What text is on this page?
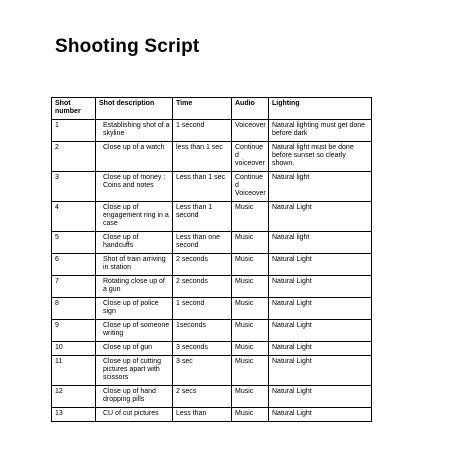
Shooting Script
Shot number	Shot description	Time	Audio	Lighting
1	Establishing shot of a skyline	1 second	Voiceover	Natural lighting must get done before dark
2	Close up of a watch	less than 1 sec	Continued voiceover	Natural light must be done before sunset so clearly shown.
3	Close up of money : Coins and notes	Less than 1 sec	Continued Voiceover	Natural light
4	Close up of engagement ring in a case	Less than 1 second	Music	Natural Light
5	Close up of handcuffs	Less than one second	Music	Natural light
6	Shot of train arriving in station	2 seconds	Music	Natural Light
7	Rotating close up of a gun	2 seconds	Music	Natural Light
8	Close up of police sign	1 second	Music	Natural Light
9	Close up of someone writing	1seconds	Music	Natural Light
10	Close up of gun	3 seconds	Music	Natural Light
11	Close up of cutting pictures apart with scissors	3 sec	Music	Natural Light
12	Close up of hand dropping pills	2 secs	Music	Natural Light
13	CU of cut pictures	Less than	Music	Natural Light
